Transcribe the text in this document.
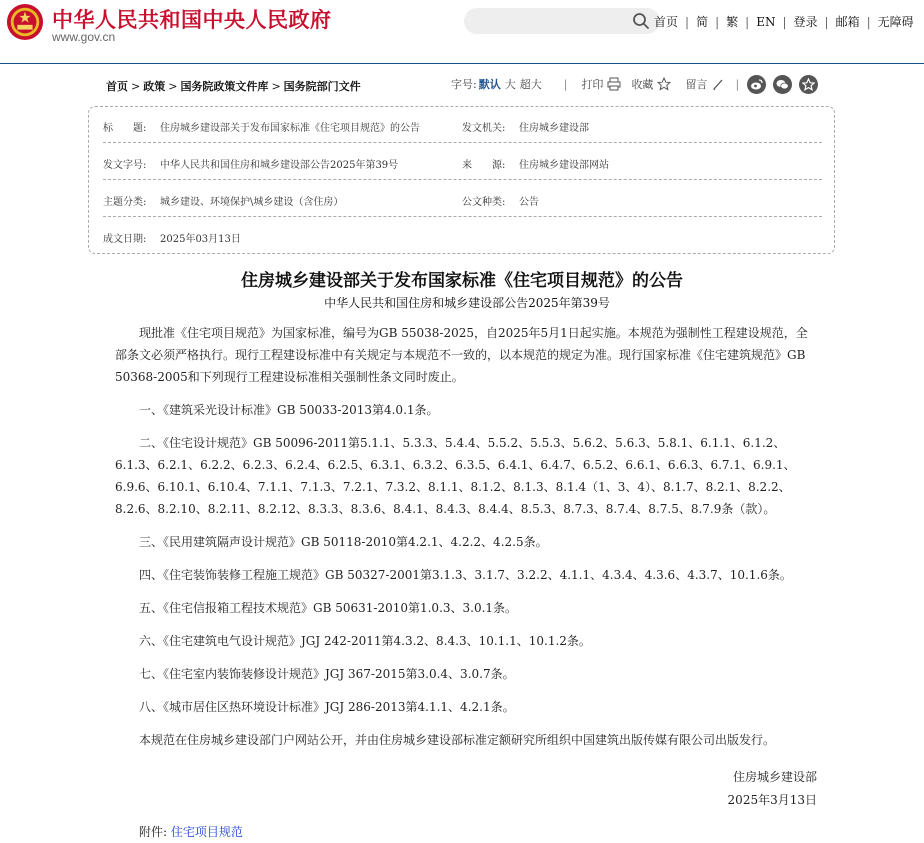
中华人民共和国中央人民政府
www.gov.cn
首页 | 简 | 繁 | EN | 登录 | 邮箱 | 无障碍
首页 > 政策 > 国务院政策文件库 > 国务院部门文件	字号: 默认 大 超大 | 打印	收藏	留言	|
标　　题: 住房城乡建设部关于发布国家标准《住宅项目规范》的公告	发文机关: 住房城乡建设部
发文字号: 中华人民共和国住房和城乡建设部公告2025年第39号	来　　源: 住房城乡建设部网站
主题分类: 城乡建设、环境保护\城乡建设（含住房）	公文种类: 公告
成文日期: 2025年03月13日
住房城乡建设部关于发布国家标准《住宅项目规范》的公告
中华人民共和国住房和城乡建设部公告2025年第39号

现批准《住宅项目规范》为国家标准，编号为GB 55038-2025，自2025年5月1日起实施。本规范为强制性工程建设规范，全部条文必须严格执行。现行工程建设标准中有关规定与本规范不一致的，以本规范的规定为准。现行国家标准《住宅建筑规范》GB 50368-2005和下列现行工程建设标准相关强制性条文同时废止。

一、《建筑采光设计标准》GB 50033-2013第4.0.1条。

二、《住宅设计规范》GB 50096-2011第5.1.1、5.3.3、5.4.4、5.5.2、5.5.3、5.6.2、5.6.3、5.8.1、6.1.1、6.1.2、6.1.3、6.2.1、6.2.2、6.2.3、6.2.4、6.2.5、6.3.1、6.3.2、6.3.5、6.4.1、6.4.7、6.5.2、6.6.1、6.6.3、6.7.1、6.9.1、6.9.6、6.10.1、6.10.4、7.1.1、7.1.3、7.2.1、7.3.2、8.1.1、8.1.2、8.1.3、8.1.4（1、3、4）、8.1.7、8.2.1、8.2.2、8.2.6、8.2.10、8.2.11、8.2.12、8.3.3、8.3.6、8.4.1、8.4.3、8.4.4、8.5.3、8.7.3、8.7.4、8.7.5、8.7.9条（款）。

三、《民用建筑隔声设计规范》GB 50118-2010第4.2.1、4.2.2、4.2.5条。

四、《住宅装饰装修工程施工规范》GB 50327-2001第3.1.3、3.1.7、3.2.2、4.1.1、4.3.4、4.3.6、4.3.7、10.1.6条。

五、《住宅信报箱工程技术规范》GB 50631-2010第1.0.3、3.0.1条。

六、《住宅建筑电气设计规范》JGJ 242-2011第4.3.2、8.4.3、10.1.1、10.1.2条。

七、《住宅室内装饰装修设计规范》JGJ 367-2015第3.0.4、3.0.7条。

八、《城市居住区热环境设计标准》JGJ 286-2013第4.1.1、4.2.1条。

本规范在住房城乡建设部门户网站公开，并由住房城乡建设部标准定额研究所组织中国建筑出版传媒有限公司出版发行。

住房城乡建设部
2025年3月13日
附件: 住宅项目规范
